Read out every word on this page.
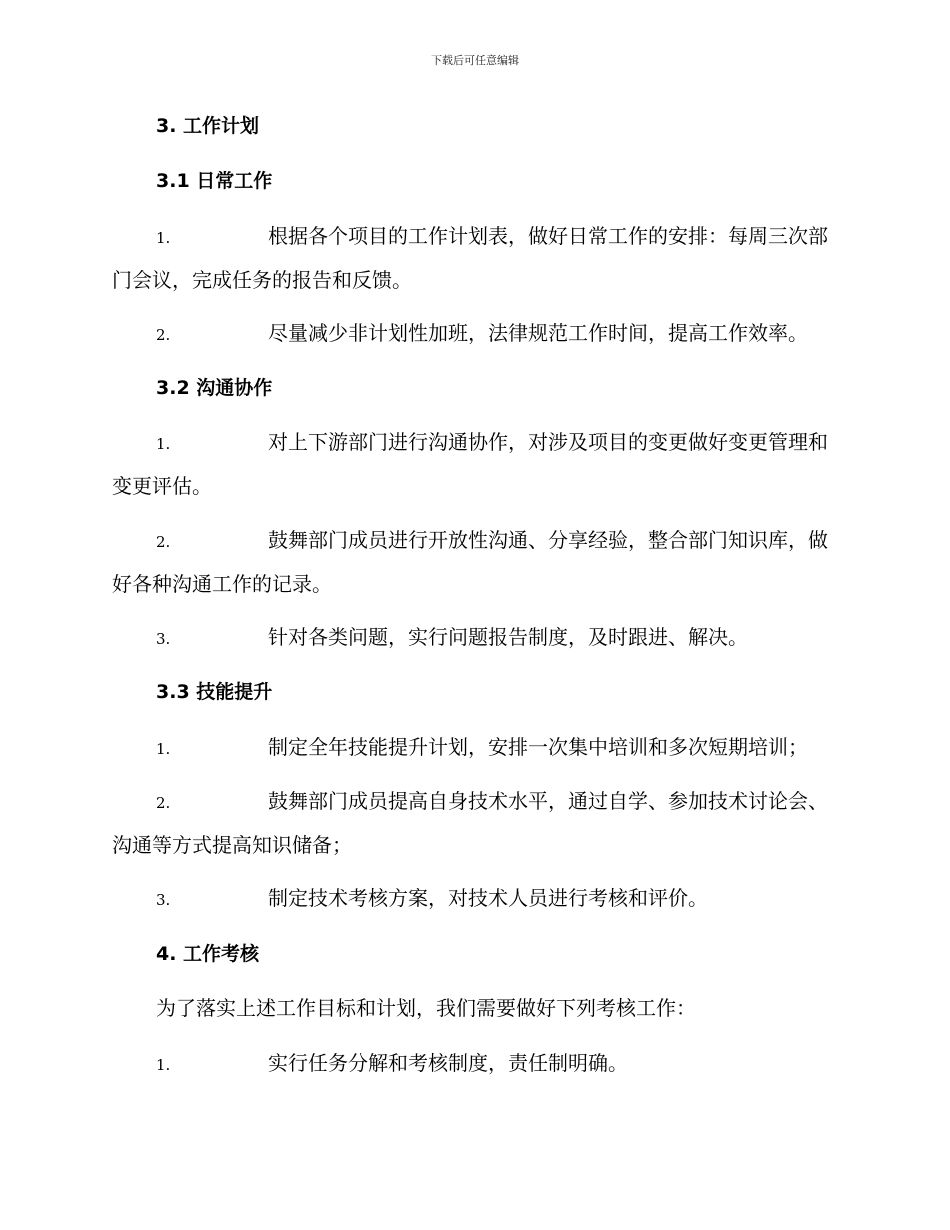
下载后可任意编辑
3. 工作计划
3.1 日常工作

1.	根据各个项目的工作计划表，做好日常工作的安排：每周三次部门会议，完成任务的报告和反馈。

2.	尽量减少非计划性加班，法律规范工作时间，提高工作效率。

3.2 沟通协作

1.	对上下游部门进行沟通协作，对涉及项目的变更做好变更管理和变更评估。

2.	鼓舞部门成员进行开放性沟通、分享经验，整合部门知识库，做好各种沟通工作的记录。

3.	针对各类问题，实行问题报告制度，及时跟进、解决。

3.3 技能提升

1.	制定全年技能提升计划，安排一次集中培训和多次短期培训；

2.	鼓舞部门成员提高自身技术水平，通过自学、参加技术讨论会、沟通等方式提高知识储备；

3.	制定技术考核方案，对技术人员进行考核和评价。

4. 工作考核

为了落实上述工作目标和计划，我们需要做好下列考核工作：

1.	实行任务分解和考核制度，责任制明确。
